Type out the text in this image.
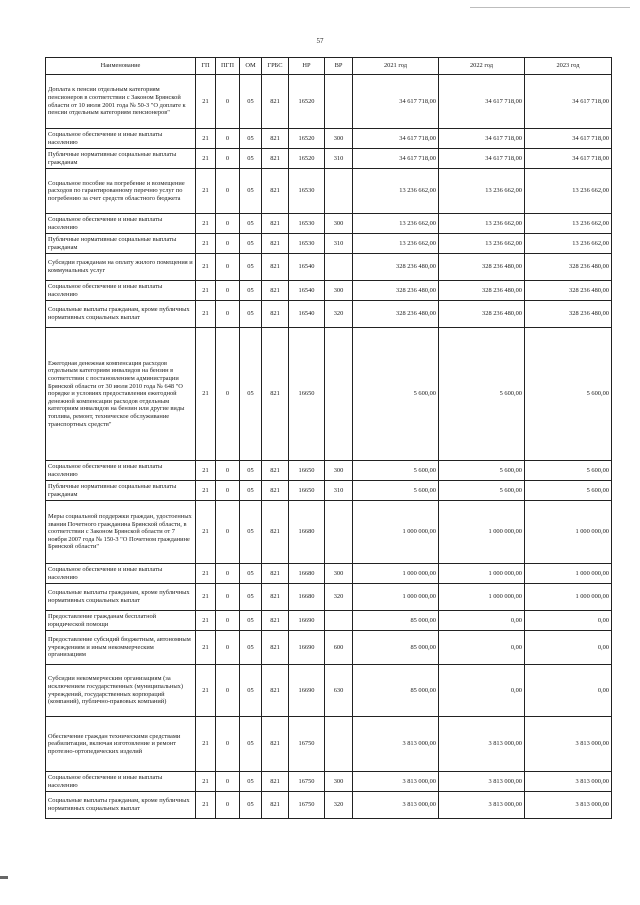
57
Наименование	ГП	ПГП	ОМ	ГРБС	НР	ВР	2021 год	2022 год	2023 год
Доплата к пенсии отдельным категориям пенсионеров в соответствии с Законом Брянской области от 10 июля 2001 года № 50-З "О доплате к пенсии отдельным категориям пенсионеров"	21	0	05	821	16520		34 617 718,00	34 617 718,00	34 617 718,00
Социальное обеспечение и иные выплаты населению	21	0	05	821	16520	300	34 617 718,00	34 617 718,00	34 617 718,00
Публичные нормативные социальные выплаты гражданам	21	0	05	821	16520	310	34 617 718,00	34 617 718,00	34 617 718,00
Социальное пособие на погребение и возмещение расходов по гарантированному перечню услуг по погребению за счет средств областного бюджета	21	0	05	821	16530		13 236 662,00	13 236 662,00	13 236 662,00
Социальное обеспечение и иные выплаты населению	21	0	05	821	16530	300	13 236 662,00	13 236 662,00	13 236 662,00
Публичные нормативные социальные выплаты гражданам	21	0	05	821	16530	310	13 236 662,00	13 236 662,00	13 236 662,00
Субсидии гражданам на оплату жилого помещения и коммунальных услуг	21	0	05	821	16540		328 236 480,00	328 236 480,00	328 236 480,00
Социальное обеспечение и иные выплаты населению	21	0	05	821	16540	300	328 236 480,00	328 236 480,00	328 236 480,00
Социальные выплаты гражданам, кроме публичных нормативных социальных выплат	21	0	05	821	16540	320	328 236 480,00	328 236 480,00	328 236 480,00
Ежегодная денежная компенсация расходов отдельным категориям инвалидов на бензин в соответствии с постановлением администрации Брянской области от 30 июля 2010 года № 648 "О порядке и условиях предоставления ежегодной денежной компенсации расходов отдельным категориям инвалидов на бензин или другие виды топлива, ремонт, техническое обслуживание транспортных средств"	21	0	05	821	16650		5 600,00	5 600,00	5 600,00
Социальное обеспечение и иные выплаты населению	21	0	05	821	16650	300	5 600,00	5 600,00	5 600,00
Публичные нормативные социальные выплаты гражданам	21	0	05	821	16650	310	5 600,00	5 600,00	5 600,00
Меры социальной поддержки граждан, удостоенных звания Почетного гражданина Брянской области, в соответствии с Законом Брянской области от 7 ноября 2007 года № 150-З "О Почетном гражданине Брянской области"	21	0	05	821	16680		1 000 000,00	1 000 000,00	1 000 000,00
Социальное обеспечение и иные выплаты населению	21	0	05	821	16680	300	1 000 000,00	1 000 000,00	1 000 000,00
Социальные выплаты гражданам, кроме публичных нормативных социальных выплат	21	0	05	821	16680	320	1 000 000,00	1 000 000,00	1 000 000,00
Предоставление гражданам бесплатной юридической помощи	21	0	05	821	16690		85 000,00	0,00	0,00
Предоставление субсидий бюджетным, автономным учреждениям и иным некоммерческим организациям	21	0	05	821	16690	600	85 000,00	0,00	0,00
Субсидии некоммерческим организациям (за исключением государственных (муниципальных) учреждений, государственных корпораций (компаний), публично-правовых компаний)	21	0	05	821	16690	630	85 000,00	0,00	0,00
Обеспечение граждан техническими средствами реабилитации, включая изготовление и ремонт протезно-ортопедических изделий	21	0	05	821	16750		3 813 000,00	3 813 000,00	3 813 000,00
Социальное обеспечение и иные выплаты населению	21	0	05	821	16750	300	3 813 000,00	3 813 000,00	3 813 000,00
Социальные выплаты гражданам, кроме публичных нормативных социальных выплат	21	0	05	821	16750	320	3 813 000,00	3 813 000,00	3 813 000,00
